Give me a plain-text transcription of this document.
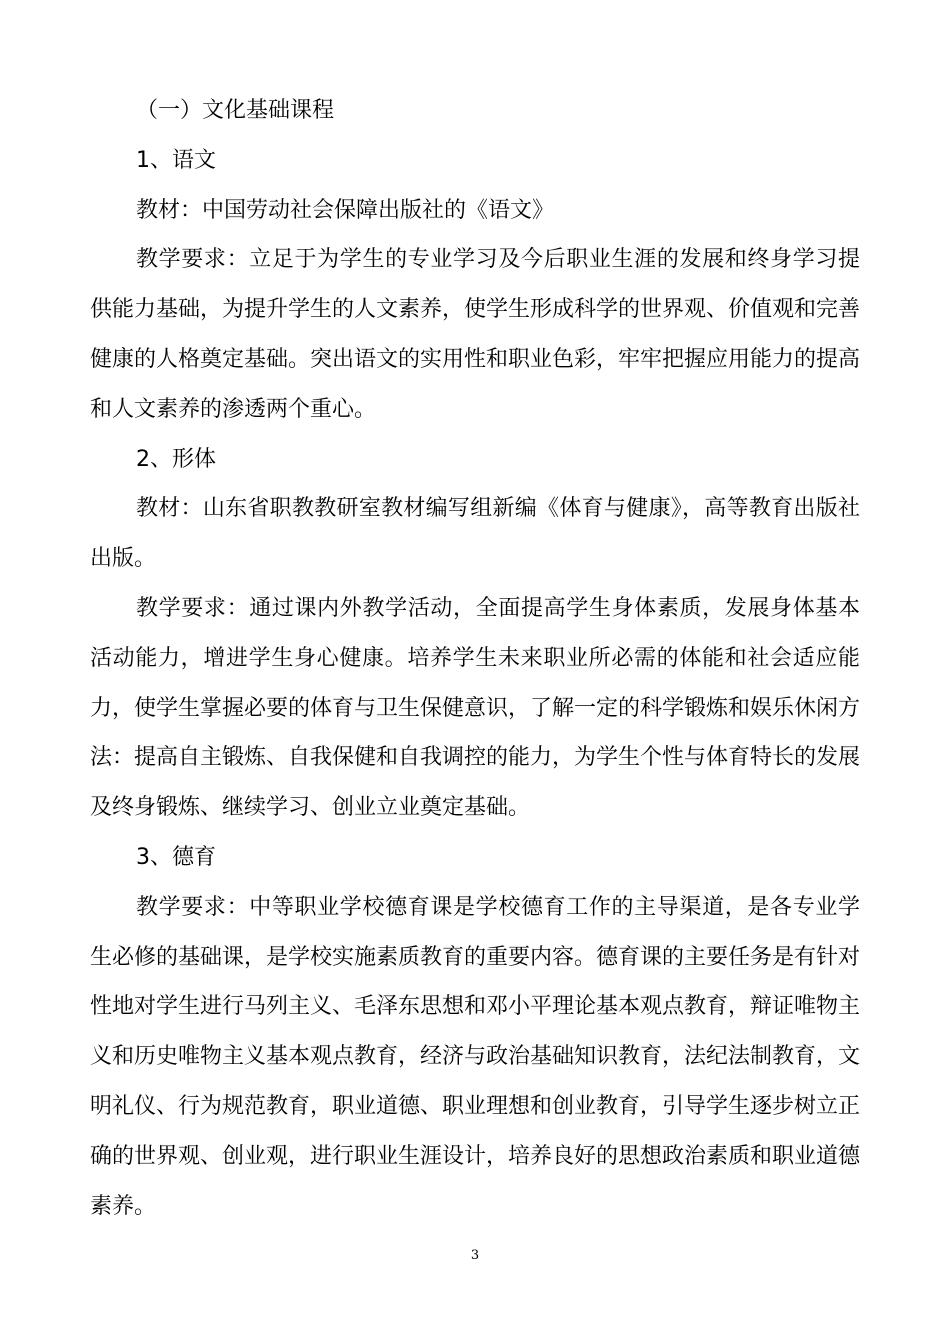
（一）文化基础课程

1、语文

教材：中国劳动社会保障出版社的《语文》

教学要求：立足于为学生的专业学习及今后职业生涯的发展和终身学习提供能力基础，为提升学生的人文素养，使学生形成科学的世界观、价值观和完善健康的人格奠定基础。突出语文的实用性和职业色彩，牢牢把握应用能力的提高和人文素养的渗透两个重心。

2、形体

教材：山东省职教教研室教材编写组新编《体育与健康》，高等教育出版社出版。

教学要求：通过课内外教学活动，全面提高学生身体素质，发展身体基本活动能力，增进学生身心健康。培养学生未来职业所必需的体能和社会适应能力，使学生掌握必要的体育与卫生保健意识，了解一定的科学锻炼和娱乐休闲方法：提高自主锻炼、自我保健和自我调控的能力，为学生个性与体育特长的发展及终身锻炼、继续学习、创业立业奠定基础。

3、德育

教学要求：中等职业学校德育课是学校德育工作的主导渠道，是各专业学生必修的基础课，是学校实施素质教育的重要内容。德育课的主要任务是有针对性地对学生进行马列主义、毛泽东思想和邓小平理论基本观点教育，辩证唯物主义和历史唯物主义基本观点教育，经济与政治基础知识教育，法纪法制教育，文明礼仪、行为规范教育，职业道德、职业理想和创业教育，引导学生逐步树立正确的世界观、创业观，进行职业生涯设计，培养良好的思想政治素质和职业道德素养。

3
